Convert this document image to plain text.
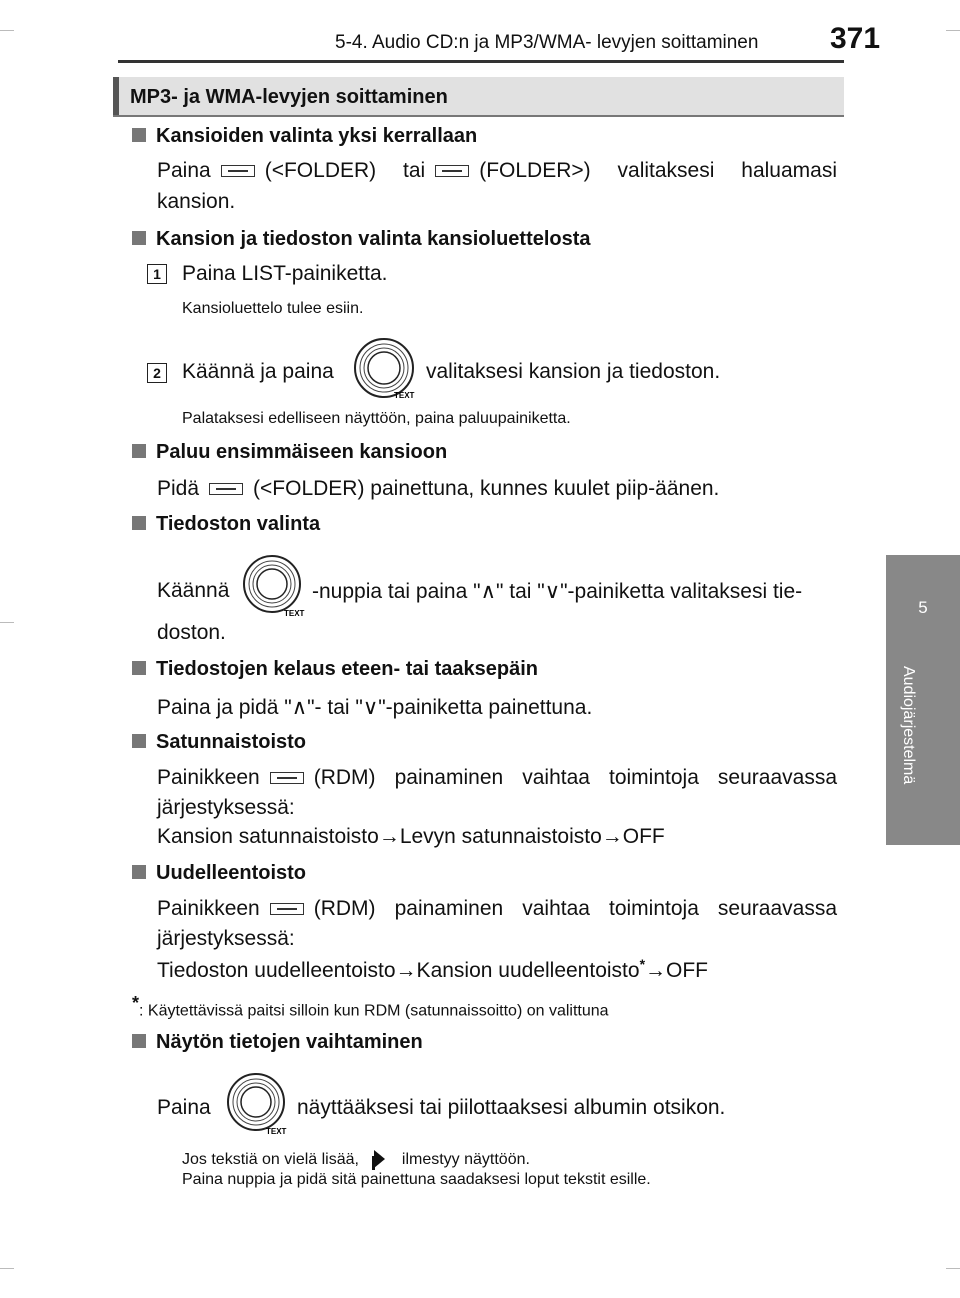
5-4. Audio CD:n ja MP3/WMA- levyjen soittaminen 371
MP3- ja WMA-levyjen soittaminen
5
Audiojärjestelmä
Kansioiden valinta yksi kerrallaan
Paina	(<FOLDER) tai	(FOLDER>) valitaksesi haluamasi
kansion.
Kansion ja tiedoston valinta kansioluettelosta
1 Paina LIST-painiketta.
Kansioluettelo tulee esiin.
2 Käännä ja paina
TEXT
valitaksesi kansion ja tiedoston.
Palataksesi edelliseen näyttöön, paina paluupainiketta.
Paluu ensimmäiseen kansioon
Pidä	(<FOLDER) painettuna, kunnes kuulet piip-äänen.
Tiedoston valinta
Käännä
TEXT
-nuppia tai paina "∧" tai "∨"-painiketta valitaksesi tie-
doston.
Tiedostojen kelaus eteen- tai taaksepäin
Paina ja pidä "∧"- tai "∨"-painiketta painettuna.
Satunnaistoisto
Painikkeen	(RDM) painaminen vaihtaa toimintoja seuraavassa
järjestyksessä:
Kansion satunnaistoisto→Levyn satunnaistoisto→OFF
Uudelleentoisto
Painikkeen	(RDM) painaminen vaihtaa toimintoja seuraavassa
järjestyksessä:
Tiedoston uudelleentoisto→Kansion uudelleentoisto*→OFF
*: Käytettävissä paitsi silloin kun RDM (satunnaissoitto) on valittuna
Näytön tietojen vaihtaminen
Paina
TEXT
näyttääksesi tai piilottaaksesi albumin otsikon.
Jos tekstiä on vielä lisää,	ilmestyy näyttöön.
Paina nuppia ja pidä sitä painettuna saadaksesi loput tekstit esille.
